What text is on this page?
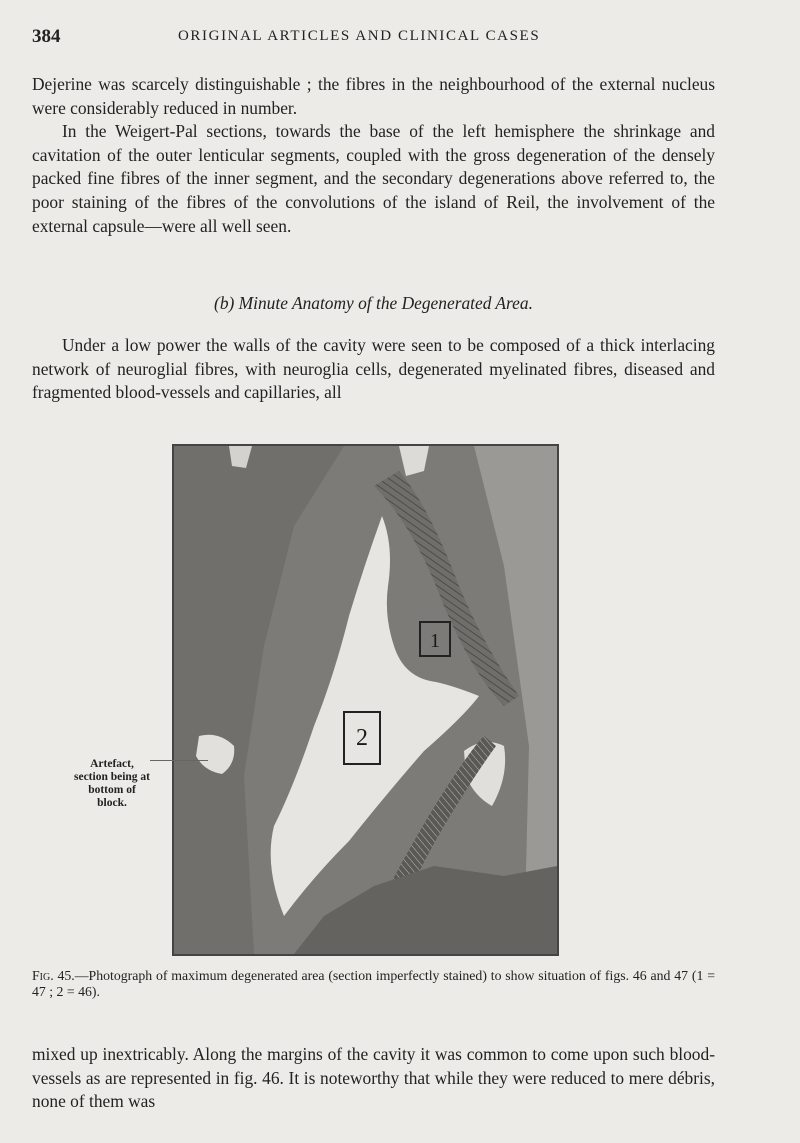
384	ORIGINAL ARTICLES AND CLINICAL CASES

Dejerine was scarcely distinguishable ; the fibres in the neighbourhood of the external nucleus were considerably reduced in number.

In the Weigert-Pal sections, towards the base of the left hemisphere the shrinkage and cavitation of the outer lenticular segments, coupled with the gross degeneration of the densely packed fine fibres of the inner segment, and the secondary degenerations above referred to, the poor staining of the fibres of the convolutions of the island of Reil, the involvement of the external capsule—were all well seen.

(b) Minute Anatomy of the Degenerated Area.

Under a low power the walls of the cavity were seen to be composed of a thick interlacing network of neuroglial fibres, with neuroglia cells, degenerated myelinated fibres, diseased and fragmented blood-vessels and capillaries, all

1
2
Artefact, section being at bottom of block.
Fig. 45.—Photograph of maximum degenerated area (section imperfectly stained) to show situation of figs. 46 and 47 (1 = 47 ; 2 = 46).

mixed up inextricably. Along the margins of the cavity it was common to come upon such blood-vessels as are represented in fig. 46. It is noteworthy that while they were reduced to mere débris, none of them was
